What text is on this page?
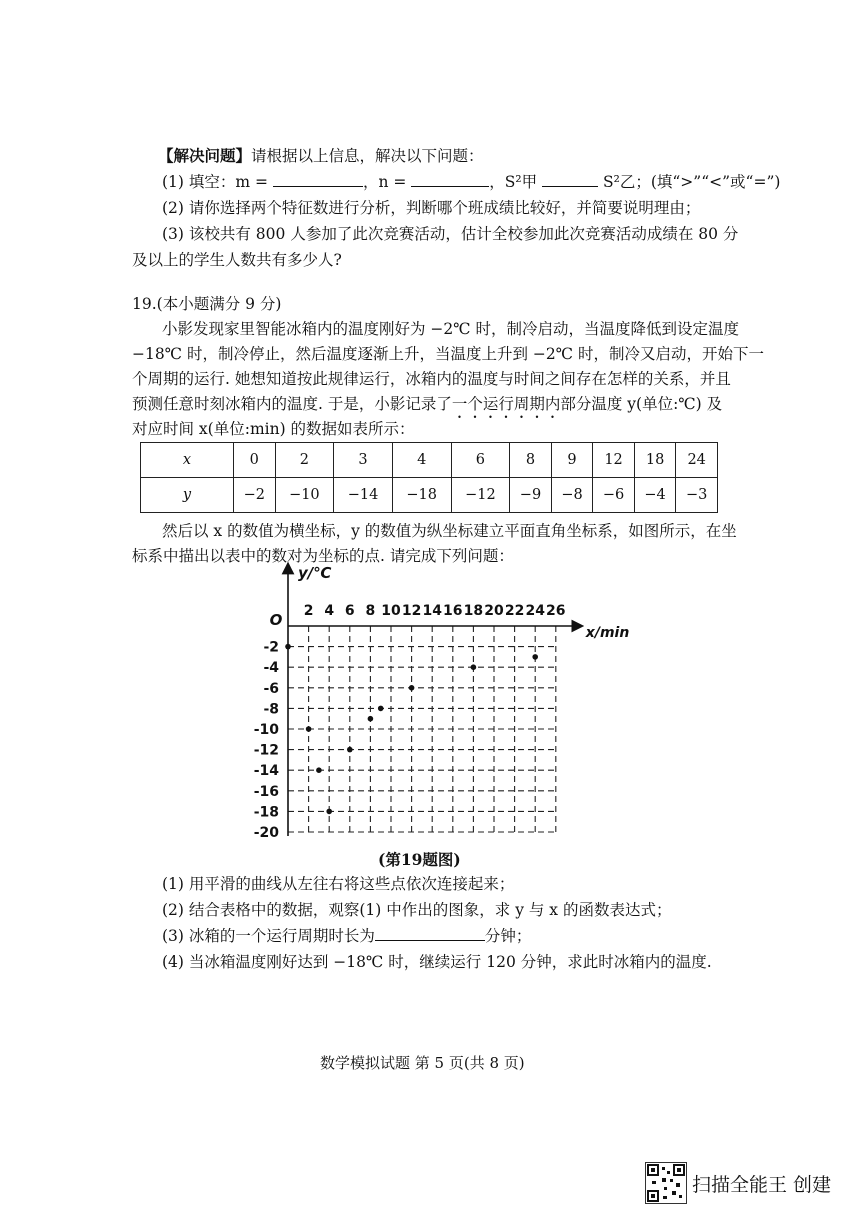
【解决问题】请根据以上信息，解决以下问题：
(1) 填空：m =	，n =	，S²甲	S²乙；(填“>”“<”或“=”)
(2) 请你选择两个特征数进行分析，判断哪个班成绩比较好，并简要说明理由；
(3) 该校共有 800 人参加了此次竞赛活动，估计全校参加此次竞赛活动成绩在 80 分
及以上的学生人数共有多少人?
19.(本小题满分 9 分)
小影发现家里智能冰箱内的温度刚好为 −2℃ 时，制冷启动，当温度降低到设定温度
−18℃ 时，制冷停止，然后温度逐渐上升，当温度上升到 −2℃ 时，制冷又启动，开始下一
个周期的运行. 她想知道按此规律运行，冰箱内的温度与时间之间存在怎样的关系，并且
预测任意时刻冰箱内的温度. 于是，小影记录了一个运行周期内部分温度 y(单位:℃) 及
对应时间 x(单位:min) 的数据如表所示：
x	0	2	3	4	6	8	9	12	18	24
y	−2	−10	−14	−18	−12	−9	−8	−6	−4	−3
然后以 x 的数值为横坐标，y 的数值为纵坐标建立平面直角坐标系，如图所示，在坐
标系中描出以表中的数对为坐标的点. 请完成下列问题：
y/℃
x/min
O 2 4 6 8 10 12 14 16 18 20 22 24 26
-2
-4
-6
-8
-10
-12
-14
-16
-18
-20
(第19题图)
(1) 用平滑的曲线从左往右将这些点依次连接起来；
(2) 结合表格中的数据，观察(1) 中作出的图象，求 y 与 x 的函数表达式；
(3) 冰箱的一个运行周期时长为	分钟；
(4) 当冰箱温度刚好达到 −18℃ 时，继续运行 120 分钟，求此时冰箱内的温度.
数学模拟试题 第 5 页(共 8 页)
扫描全能王 创建
